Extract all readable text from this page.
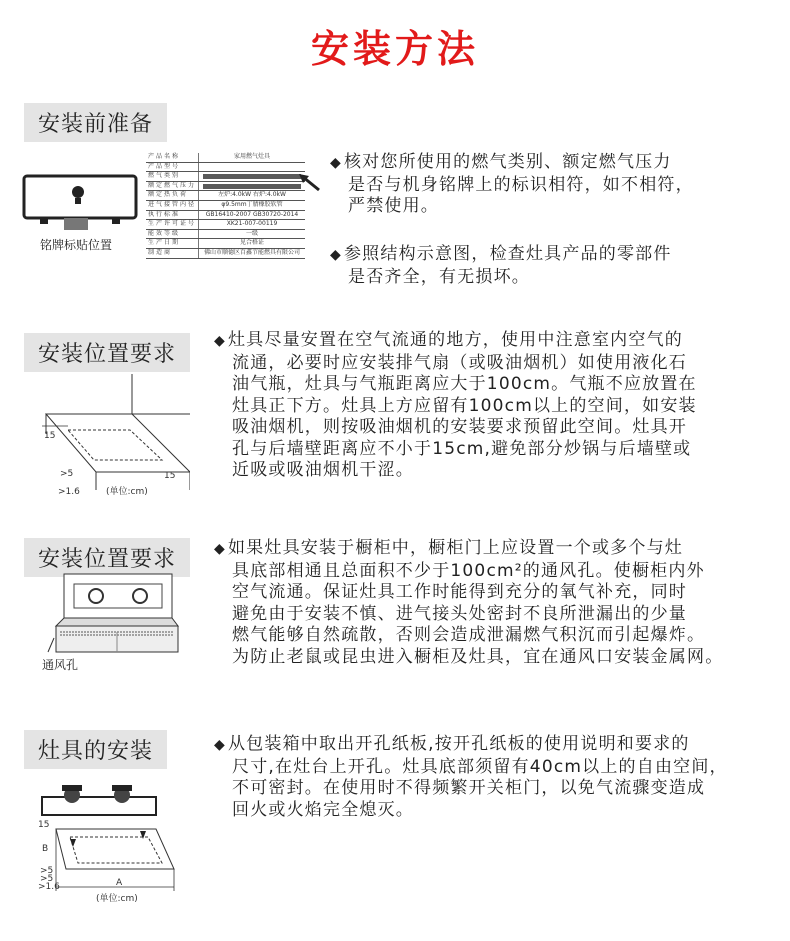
安装方法
安装前准备
铭牌标贴位置
产品名称	家用燃气灶具
产品型号	
燃气类别	

额定燃气压力	

额定热负荷	左炉:4.0kW 右炉:4.0kW
进气接管内径	φ9.5mm丁腈橡胶软管
执行标准	GB16410-2007 GB30720-2014
生产许可证号	XK21-007-00119
能效等级	一级
生产日期	见合格证
制造商	佛山市顺德区百鑫节能燃具有限公司
◆ 核对您所使用的燃气类别、额定燃气压力
是否与机身铭牌上的标识相符，如不相符，
严禁使用。
◆ 参照结构示意图，检查灶具产品的零部件
是否齐全，有无损坏。
安装位置要求
15
15
>5
>1.6	(单位:cm)
◆ 灶具尽量安置在空气流通的地方，使用中注意室内空气的
流通，必要时应安装排气扇（或吸油烟机）如使用液化石
油气瓶，灶具与气瓶距离应大于100cm。气瓶不应放置在
灶具正下方。灶具上方应留有100cm以上的空间，如安装
吸油烟机，则按吸油烟机的安装要求预留此空间。灶具开
孔与后墙壁距离应不小于15cm,避免部分炒锅与后墙壁或
近吸或吸油烟机干涩。
安装位置要求
通风孔
◆ 如果灶具安装于橱柜中，橱柜门上应设置一个或多个与灶
具底部相通且总面积不少于100cm²的通风孔。使橱柜内外
空气流通。保证灶具工作时能得到充分的氧气补充，同时
避免由于安装不慎、进气接头处密封不良所泄漏出的少量
燃气能够自然疏散，否则会造成泄漏燃气积沉而引起爆炸。
为防止老鼠或昆虫进入橱柜及灶具，宜在通风口安装金属网。
灶具的安装
15
B
>5
>5
>1.6	A
(单位:cm)
◆ 从包装箱中取出开孔纸板,按开孔纸板的使用说明和要求的
尺寸,在灶台上开孔。灶具底部须留有40cm以上的自由空间，
不可密封。在使用时不得频繁开关柜门，以免气流骤变造成
回火或火焰完全熄灭。
